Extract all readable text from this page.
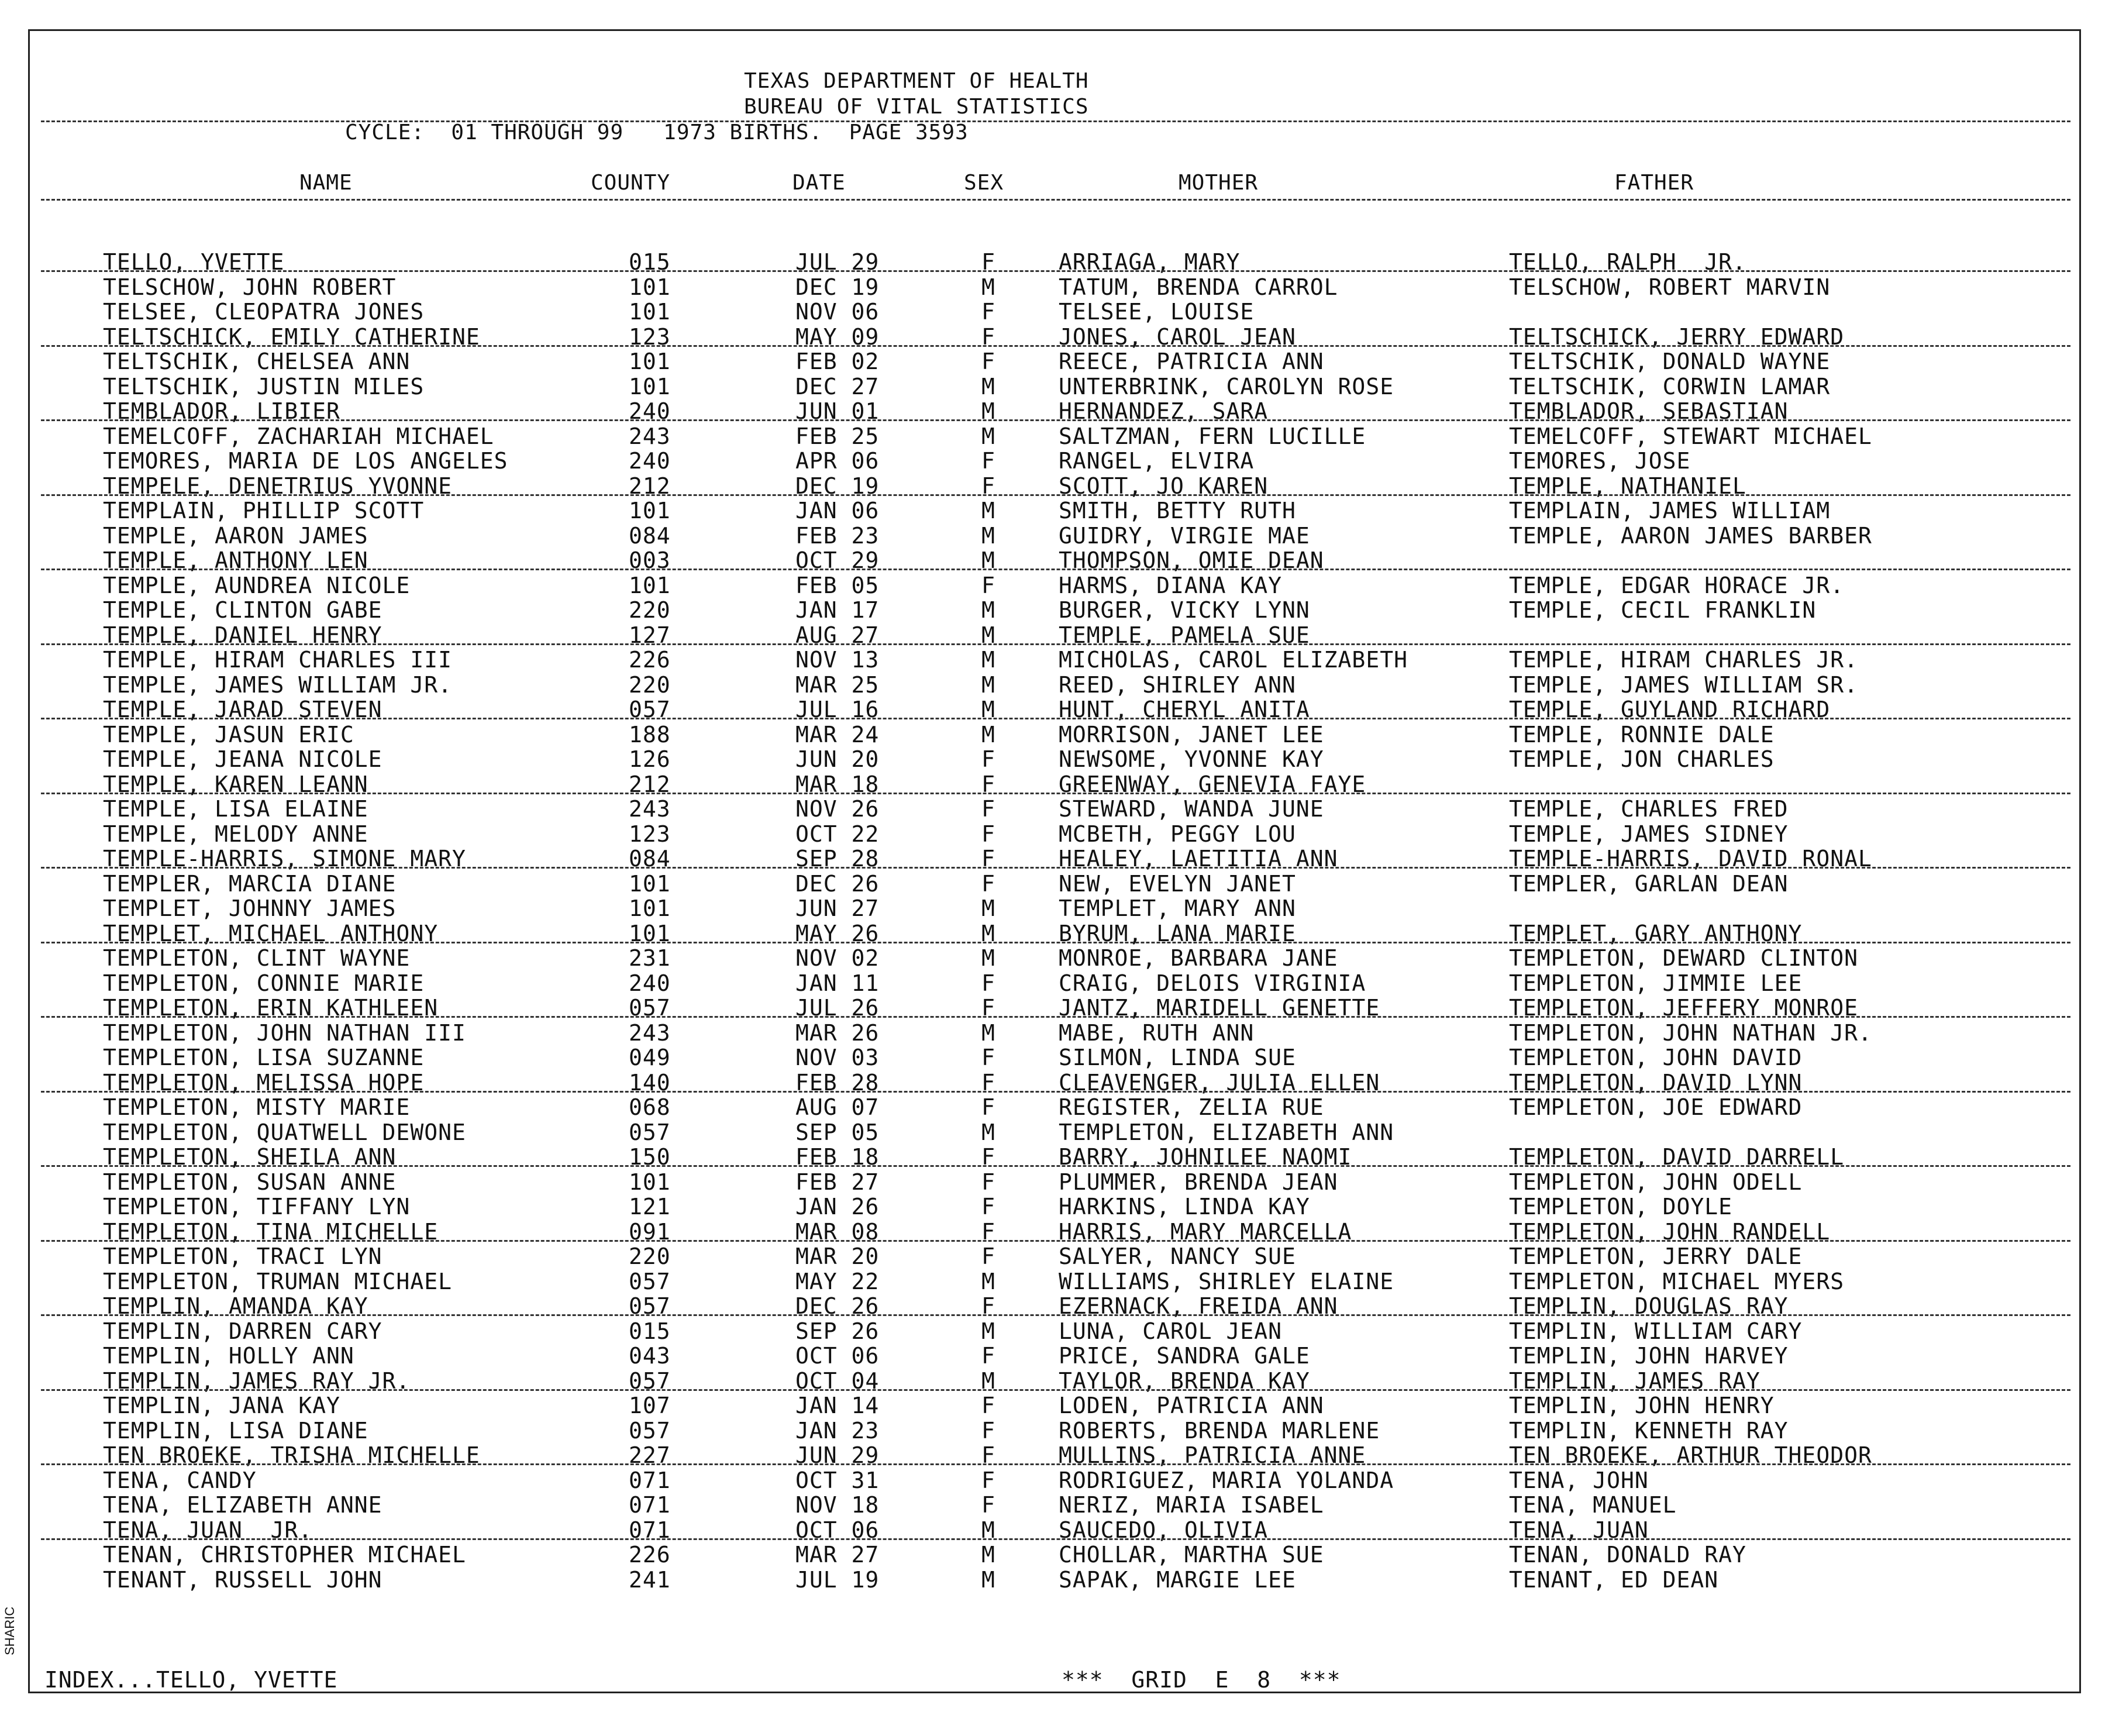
TEXAS DEPARTMENT OF HEALTH
BUREAU OF VITAL STATISTICS
CYCLE:  01 THROUGH 99   1973 BIRTHS.  PAGE 3593
NAME	COUNTY	DATE	SEX	MOTHER	FATHER
TELLO, YVETTE	015	JUL 29	F	ARRIAGA, MARY	TELLO, RALPH  JR.
TELSCHOW, JOHN ROBERT	101	DEC 19	M	TATUM, BRENDA CARROL	TELSCHOW, ROBERT MARVIN
TELSEE, CLEOPATRA JONES	101	NOV 06	F	TELSEE, LOUISE
TELTSCHICK, EMILY CATHERINE	123	MAY 09	F	JONES, CAROL JEAN	TELTSCHICK, JERRY EDWARD
TELTSCHIK, CHELSEA ANN	101	FEB 02	F	REECE, PATRICIA ANN	TELTSCHIK, DONALD WAYNE
TELTSCHIK, JUSTIN MILES	101	DEC 27	M	UNTERBRINK, CAROLYN ROSE	TELTSCHIK, CORWIN LAMAR
TEMBLADOR, LIBIER	240	JUN 01	M	HERNANDEZ, SARA	TEMBLADOR, SEBASTIAN
TEMELCOFF, ZACHARIAH MICHAEL	243	FEB 25	M	SALTZMAN, FERN LUCILLE	TEMELCOFF, STEWART MICHAEL
TEMORES, MARIA DE LOS ANGELES	240	APR 06	F	RANGEL, ELVIRA	TEMORES, JOSE
TEMPELE, DENETRIUS YVONNE	212	DEC 19	F	SCOTT, JO KAREN	TEMPLE, NATHANIEL
TEMPLAIN, PHILLIP SCOTT	101	JAN 06	M	SMITH, BETTY RUTH	TEMPLAIN, JAMES WILLIAM
TEMPLE, AARON JAMES	084	FEB 23	M	GUIDRY, VIRGIE MAE	TEMPLE, AARON JAMES BARBER
TEMPLE, ANTHONY LEN	003	OCT 29	M	THOMPSON, OMIE DEAN
TEMPLE, AUNDREA NICOLE	101	FEB 05	F	HARMS, DIANA KAY	TEMPLE, EDGAR HORACE JR.
TEMPLE, CLINTON GABE	220	JAN 17	M	BURGER, VICKY LYNN	TEMPLE, CECIL FRANKLIN
TEMPLE, DANIEL HENRY	127	AUG 27	M	TEMPLE, PAMELA SUE
TEMPLE, HIRAM CHARLES III	226	NOV 13	M	MICHOLAS, CAROL ELIZABETH	TEMPLE, HIRAM CHARLES JR.
TEMPLE, JAMES WILLIAM JR.	220	MAR 25	M	REED, SHIRLEY ANN	TEMPLE, JAMES WILLIAM SR.
TEMPLE, JARAD STEVEN	057	JUL 16	M	HUNT, CHERYL ANITA	TEMPLE, GUYLAND RICHARD
TEMPLE, JASUN ERIC	188	MAR 24	M	MORRISON, JANET LEE	TEMPLE, RONNIE DALE
TEMPLE, JEANA NICOLE	126	JUN 20	F	NEWSOME, YVONNE KAY	TEMPLE, JON CHARLES
TEMPLE, KAREN LEANN	212	MAR 18	F	GREENWAY, GENEVIA FAYE
TEMPLE, LISA ELAINE	243	NOV 26	F	STEWARD, WANDA JUNE	TEMPLE, CHARLES FRED
TEMPLE, MELODY ANNE	123	OCT 22	F	MCBETH, PEGGY LOU	TEMPLE, JAMES SIDNEY
TEMPLE-HARRIS, SIMONE MARY	084	SEP 28	F	HEALEY, LAETITIA ANN	TEMPLE-HARRIS, DAVID RONAL
TEMPLER, MARCIA DIANE	101	DEC 26	F	NEW, EVELYN JANET	TEMPLER, GARLAN DEAN
TEMPLET, JOHNNY JAMES	101	JUN 27	M	TEMPLET, MARY ANN
TEMPLET, MICHAEL ANTHONY	101	MAY 26	M	BYRUM, LANA MARIE	TEMPLET, GARY ANTHONY
TEMPLETON, CLINT WAYNE	231	NOV 02	M	MONROE, BARBARA JANE	TEMPLETON, DEWARD CLINTON
TEMPLETON, CONNIE MARIE	240	JAN 11	F	CRAIG, DELOIS VIRGINIA	TEMPLETON, JIMMIE LEE
TEMPLETON, ERIN KATHLEEN	057	JUL 26	F	JANTZ, MARIDELL GENETTE	TEMPLETON, JEFFERY MONROE
TEMPLETON, JOHN NATHAN III	243	MAR 26	M	MABE, RUTH ANN	TEMPLETON, JOHN NATHAN JR.
TEMPLETON, LISA SUZANNE	049	NOV 03	F	SILMON, LINDA SUE	TEMPLETON, JOHN DAVID
TEMPLETON, MELISSA HOPE	140	FEB 28	F	CLEAVENGER, JULIA ELLEN	TEMPLETON, DAVID LYNN
TEMPLETON, MISTY MARIE	068	AUG 07	F	REGISTER, ZELIA RUE	TEMPLETON, JOE EDWARD
TEMPLETON, QUATWELL DEWONE	057	SEP 05	M	TEMPLETON, ELIZABETH ANN
TEMPLETON, SHEILA ANN	150	FEB 18	F	BARRY, JOHNILEE NAOMI	TEMPLETON, DAVID DARRELL
TEMPLETON, SUSAN ANNE	101	FEB 27	F	PLUMMER, BRENDA JEAN	TEMPLETON, JOHN ODELL
TEMPLETON, TIFFANY LYN	121	JAN 26	F	HARKINS, LINDA KAY	TEMPLETON, DOYLE
TEMPLETON, TINA MICHELLE	091	MAR 08	F	HARRIS, MARY MARCELLA	TEMPLETON, JOHN RANDELL
TEMPLETON, TRACI LYN	220	MAR 20	F	SALYER, NANCY SUE	TEMPLETON, JERRY DALE
TEMPLETON, TRUMAN MICHAEL	057	MAY 22	M	WILLIAMS, SHIRLEY ELAINE	TEMPLETON, MICHAEL MYERS
TEMPLIN, AMANDA KAY	057	DEC 26	F	EZERNACK, FREIDA ANN	TEMPLIN, DOUGLAS RAY
TEMPLIN, DARREN CARY	015	SEP 26	M	LUNA, CAROL JEAN	TEMPLIN, WILLIAM CARY
TEMPLIN, HOLLY ANN	043	OCT 06	F	PRICE, SANDRA GALE	TEMPLIN, JOHN HARVEY
TEMPLIN, JAMES RAY JR.	057	OCT 04	M	TAYLOR, BRENDA KAY	TEMPLIN, JAMES RAY
TEMPLIN, JANA KAY	107	JAN 14	F	LODEN, PATRICIA ANN	TEMPLIN, JOHN HENRY
TEMPLIN, LISA DIANE	057	JAN 23	F	ROBERTS, BRENDA MARLENE	TEMPLIN, KENNETH RAY
TEN BROEKE, TRISHA MICHELLE	227	JUN 29	F	MULLINS, PATRICIA ANNE	TEN BROEKE, ARTHUR THEODOR
TENA, CANDY	071	OCT 31	F	RODRIGUEZ, MARIA YOLANDA	TENA, JOHN
TENA, ELIZABETH ANNE	071	NOV 18	F	NERIZ, MARIA ISABEL	TENA, MANUEL
TENA, JUAN  JR.	071	OCT 06	M	SAUCEDO, OLIVIA	TENA, JUAN
TENAN, CHRISTOPHER MICHAEL	226	MAR 27	M	CHOLLAR, MARTHA SUE	TENAN, DONALD RAY
TENANT, RUSSELL JOHN	241	JUL 19	M	SAPAK, MARGIE LEE	TENANT, ED DEAN
INDEX...TELLO, YVETTE	***  GRID  E  8  ***
SHARIC
